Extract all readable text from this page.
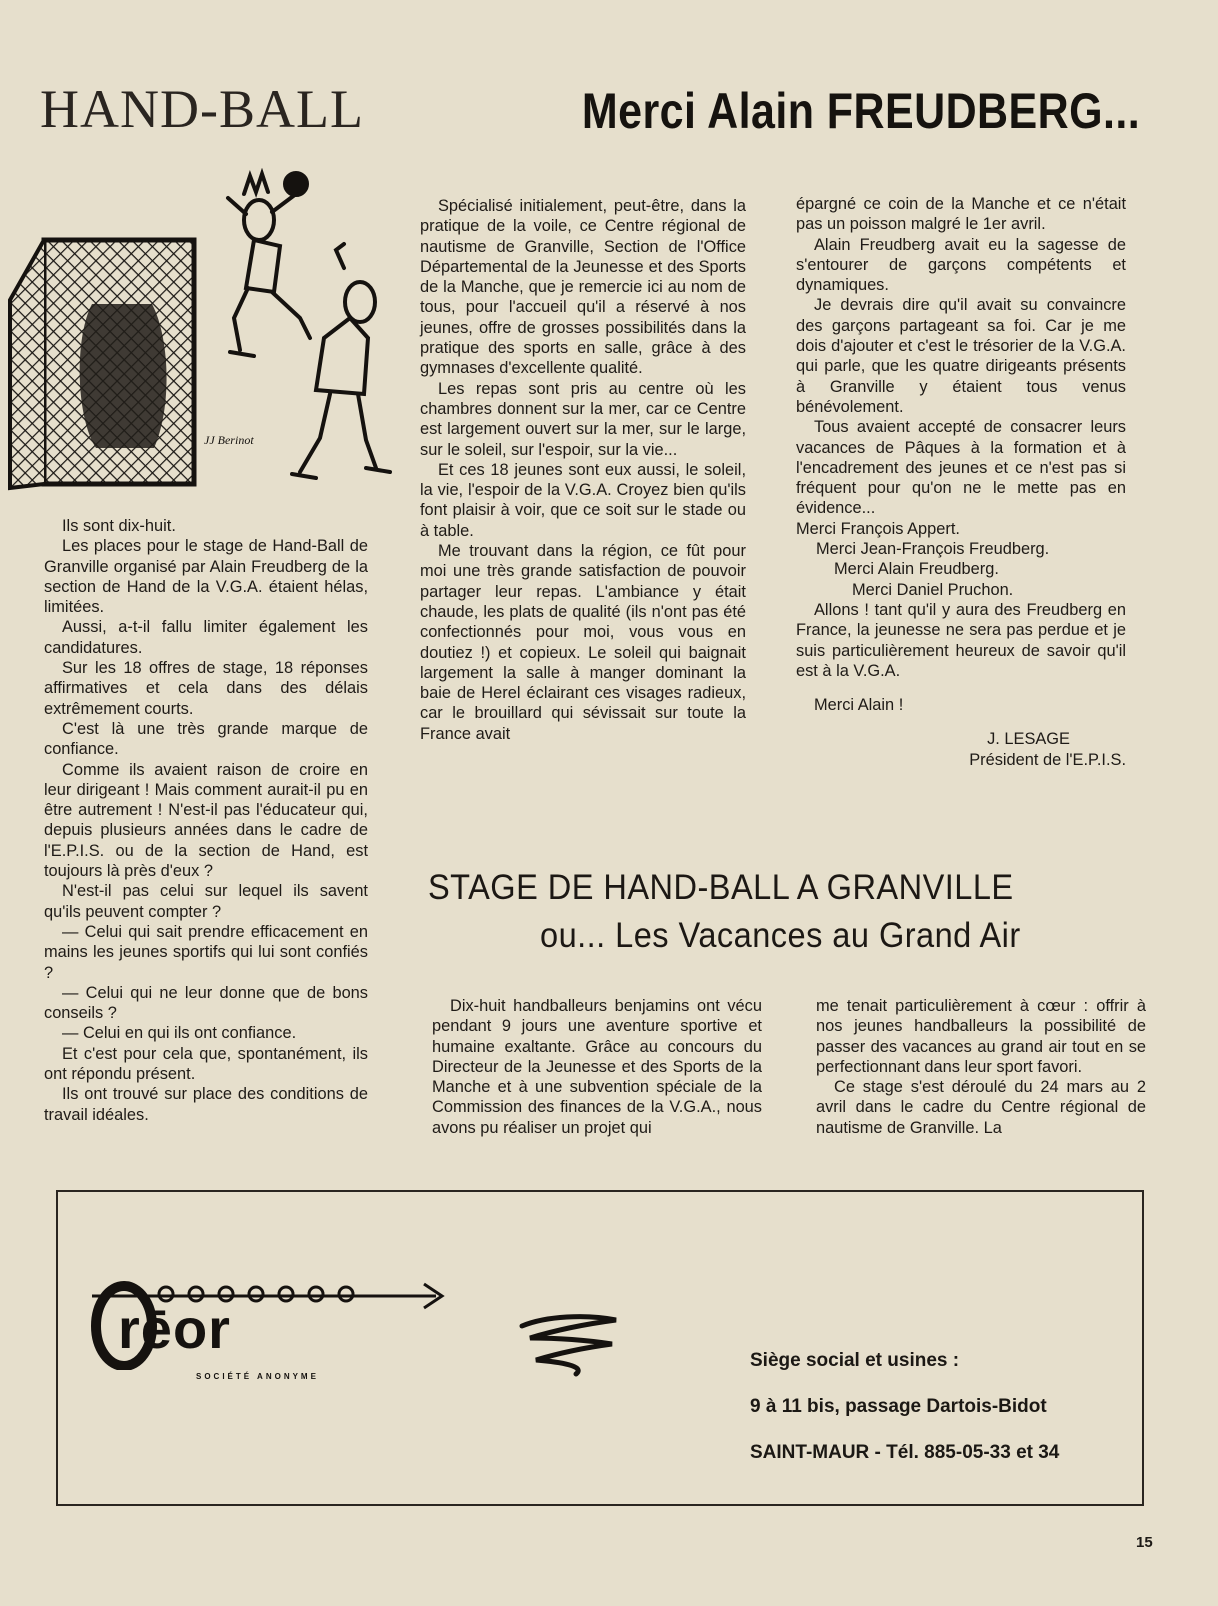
HAND-BALL	Merci Alain FREUDBERG...
JJ Berinot

Ils sont dix-huit.

Les places pour le stage de Hand-Ball de Granville organisé par Alain Freudberg de la section de Hand de la V.G.A. étaient hélas, limitées.

Aussi, a-t-il fallu limiter également les candidatures.

Sur les 18 offres de stage, 18 réponses affirmatives et cela dans des délais extrêmement courts.

C'est là une très grande marque de confiance.

Comme ils avaient raison de croire en leur dirigeant ! Mais comment aurait-il pu en être autrement ! N'est-il pas l'éducateur qui, depuis plusieurs années dans le cadre de l'E.P.I.S. ou de la section de Hand, est toujours là près d'eux ?

N'est-il pas celui sur lequel ils savent qu'ils peuvent compter ?

— Celui qui sait prendre efficacement en mains les jeunes sportifs qui lui sont confiés ?

— Celui qui ne leur donne que de bons conseils ?

— Celui en qui ils ont confiance.

Et c'est pour cela que, spontanément, ils ont répondu présent.

Ils ont trouvé sur place des conditions de travail idéales.

Spécialisé initialement, peut-être, dans la pratique de la voile, ce Centre régional de nautisme de Granville, Section de l'Office Départemental de la Jeunesse et des Sports de la Manche, que je remercie ici au nom de tous, pour l'accueil qu'il a réservé à nos jeunes, offre de grosses possibilités dans la pratique des sports en salle, grâce à des gymnases d'excellente qualité.

Les repas sont pris au centre où les chambres donnent sur la mer, car ce Centre est largement ouvert sur la mer, sur le large, sur le soleil, sur l'espoir, sur la vie...

Et ces 18 jeunes sont eux aussi, le soleil, la vie, l'espoir de la V.G.A. Croyez bien qu'ils font plaisir à voir, que ce soit sur le stade ou à table.

Me trouvant dans la région, ce fût pour moi une très grande satisfaction de pouvoir partager leur repas. L'ambiance y était chaude, les plats de qualité (ils n'ont pas été confectionnés pour moi, vous vous en doutiez !) et copieux. Le soleil qui baignait largement la salle à manger dominant la baie de Herel éclairant ces visages radieux, car le brouillard qui sévissait sur toute la France avait

épargné ce coin de la Manche et ce n'était pas un poisson malgré le 1er avril.

Alain Freudberg avait eu la sagesse de s'entourer de garçons compétents et dynamiques.

Je devrais dire qu'il avait su convaincre des garçons partageant sa foi. Car je me dois d'ajouter et c'est le trésorier de la V.G.A. qui parle, que les quatre dirigeants présents à Granville y étaient tous venus bénévolement.

Tous avaient accepté de consacrer leurs vacances de Pâques à la formation et à l'encadrement des jeunes et ce n'est pas si fréquent pour qu'on ne le mette pas en évidence...

Merci François Appert.

Merci Jean-François Freudberg.

Merci Alain Freudberg.

Merci Daniel Pruchon.

Allons ! tant qu'il y aura des Freudberg en France, la jeunesse ne sera pas perdue et je suis particulièrement heureux de savoir qu'il est à la V.G.A.

Merci Alain !

J. LESAGE

Président de l'E.P.I.S.

STAGE DE HAND-BALL A GRANVILLE
ou... Les Vacances au Grand Air

Dix-huit handballeurs benjamins ont vécu pendant 9 jours une aventure sportive et humaine exaltante. Grâce au concours du Directeur de la Jeunesse et des Sports de la Manche et à une subvention spéciale de la Commission des finances de la V.G.A., nous avons pu réaliser un projet qui

me tenait particulièrement à cœur : offrir à nos jeunes handballeurs la possibilité de passer des vacances au grand air tout en se perfectionnant dans leur sport favori.

Ce stage s'est déroulé du 24 mars au 2 avril dans le cadre du Centre régional de nautisme de Granville. La

rēor
SOCIÉTÉ ANONYME
Siège social et usines :
9 à 11 bis, passage Dartois-Bidot
SAINT-MAUR - Tél. 885-05-33 et 34
15
